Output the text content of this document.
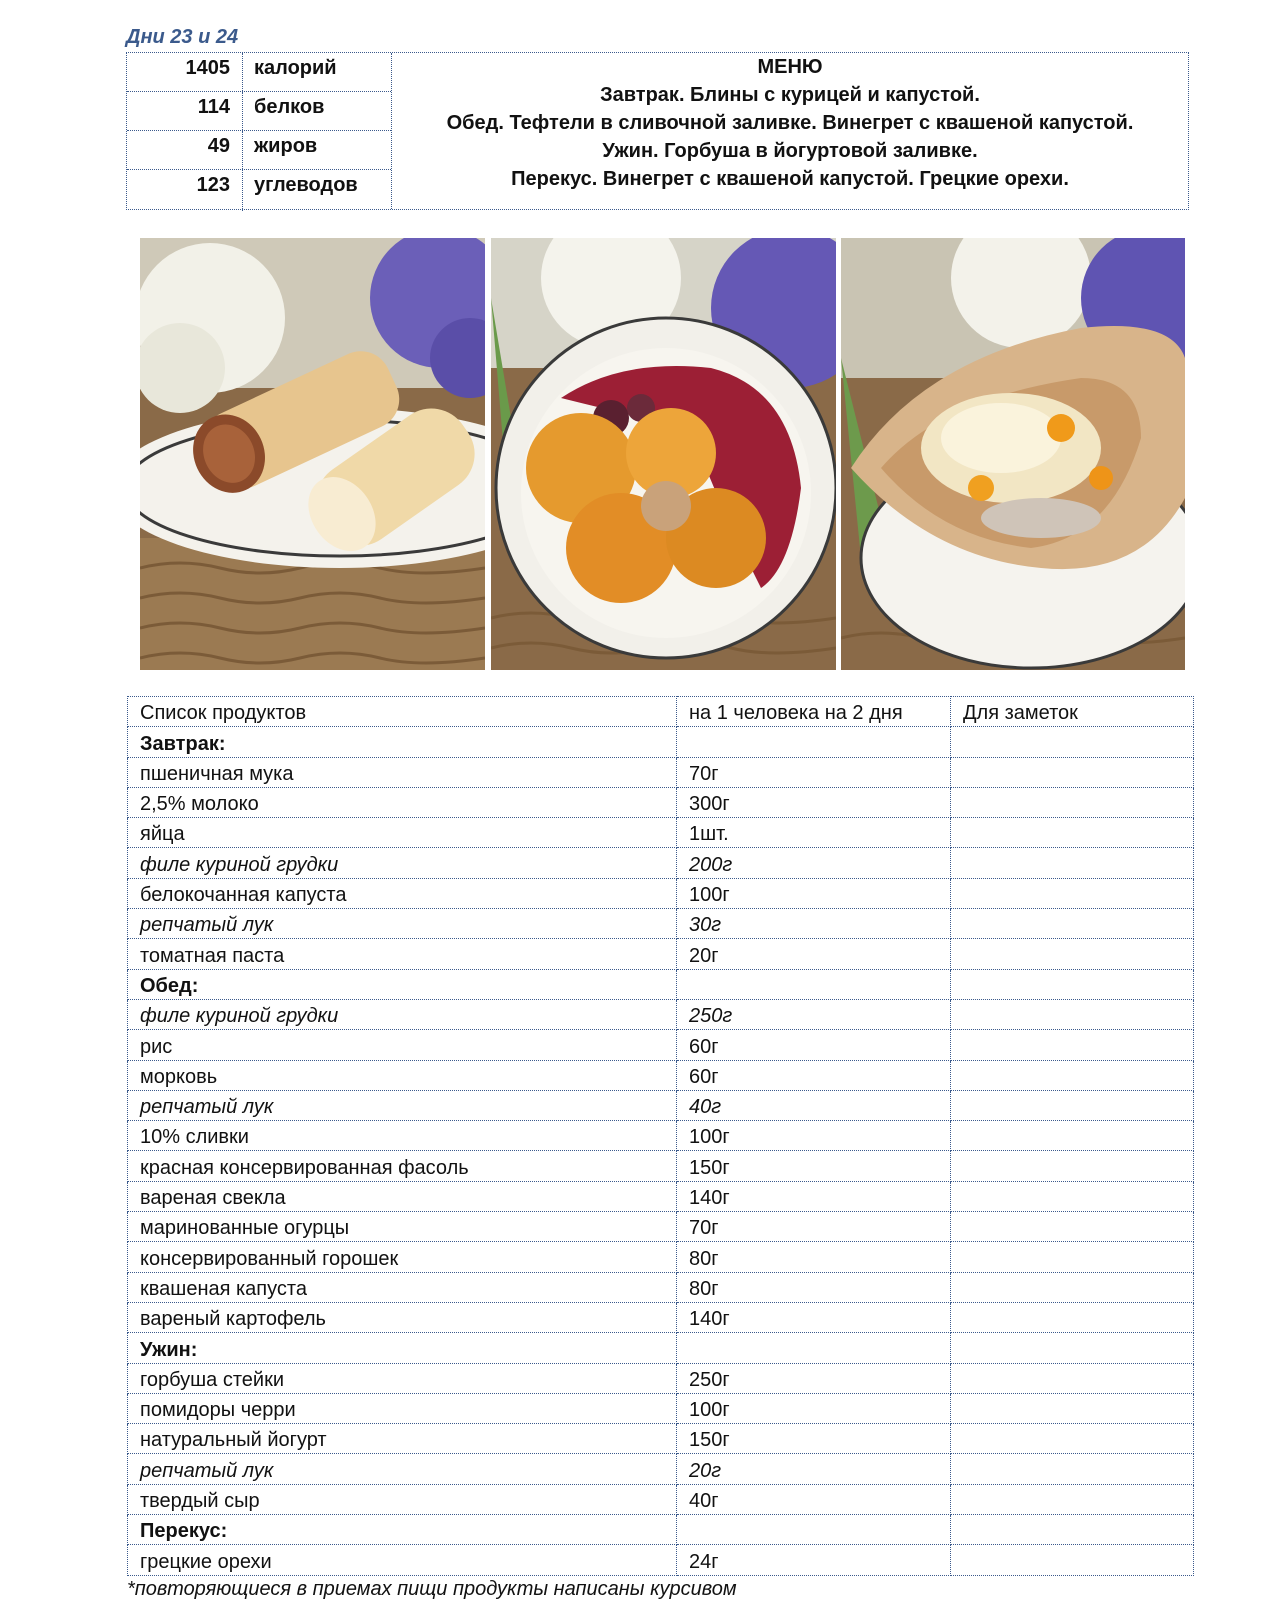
Дни 23 и 24
1405	калорий
114	белков
49	жиров
123	углеводов
МЕНЮ
Завтрак. Блины с курицей и капустой.
Обед. Тефтели в сливочной заливке. Винегрет с квашеной капустой.
Ужин. Горбуша в йогуртовой заливке.
Перекус. Винегрет с квашеной капустой. Грецкие орехи.
Список продуктов	на 1 человека на 2 дня	Для заметок
Завтрак:		
пшеничная мука	70г	
2,5% молоко	300г	
яйца	1шт.	
филе куриной грудки	200г	
белокочанная капуста	100г	
репчатый лук	30г	
томатная паста	20г	
Обед:		
филе куриной грудки	250г	
рис	60г	
морковь	60г	
репчатый лук	40г	
10% сливки	100г	
красная консервированная фасоль	150г	
вареная свекла	140г	
маринованные огурцы	70г	
консервированный горошек	80г	
квашеная капуста	80г	
вареный картофель	140г	
Ужин:		
горбуша стейки	250г	
помидоры черри	100г	
натуральный йогурт	150г	
репчатый лук	20г	
твердый сыр	40г	
Перекус:		
грецкие орехи	24г	
*повторяющиеся в приемах пищи продукты написаны курсивом
